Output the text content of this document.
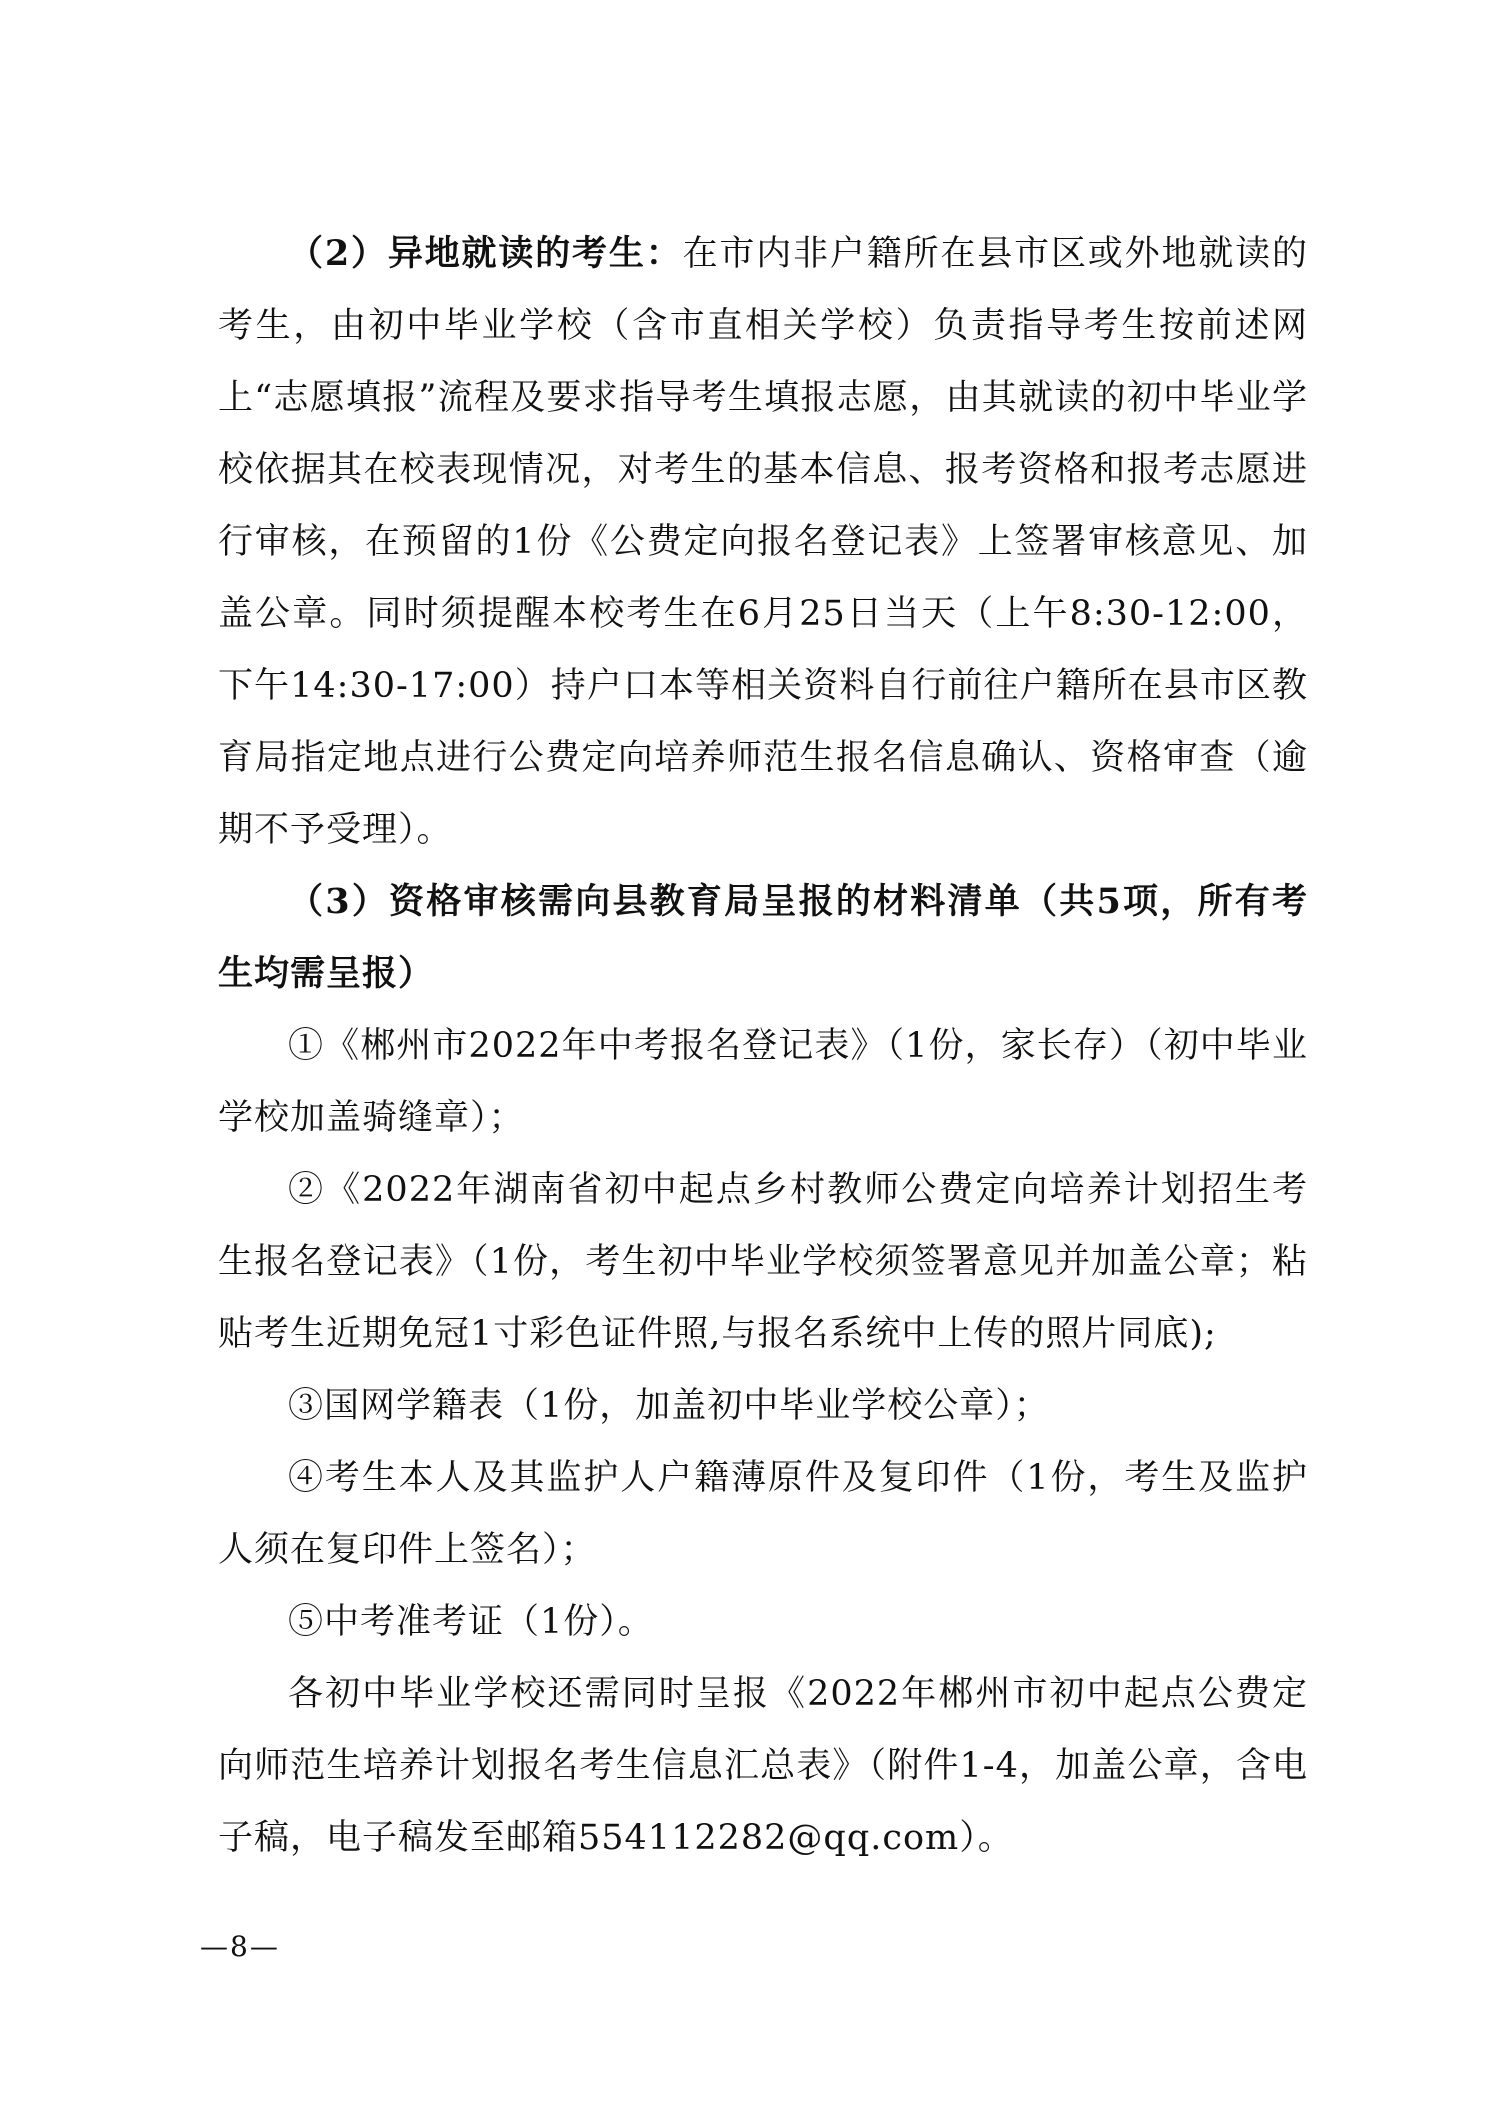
（2）异地就读的考生：在市内非户籍所在县市区或外地就读的考生，由初中毕业学校（含市直相关学校）负责指导考生按前述网上“志愿填报”流程及要求指导考生填报志愿，由其就读的初中毕业学校依据其在校表现情况，对考生的基本信息、报考资格和报考志愿进行审核，在预留的1份《公费定向报名登记表》上签署审核意见、加盖公章。同时须提醒本校考生在6月25日当天（上午8:30-12:00，下午14:30-17:00）持户口本等相关资料自行前往户籍所在县市区教育局指定地点进行公费定向培养师范生报名信息确认、资格审查（逾期不予受理）。

（3）资格审核需向县教育局呈报的材料清单（共5项，所有考生均需呈报）

①《郴州市2022年中考报名登记表》（1份，家长存）（初中毕业学校加盖骑缝章）；

②《2022年湖南省初中起点乡村教师公费定向培养计划招生考生报名登记表》（1份，考生初中毕业学校须签署意见并加盖公章；粘贴考生近期免冠1寸彩色证件照,与报名系统中上传的照片同底);

③国网学籍表（1份，加盖初中毕业学校公章）；

④考生本人及其监护人户籍薄原件及复印件（1份，考生及监护人须在复印件上签名）；

⑤中考准考证（1份）。

各初中毕业学校还需同时呈报《2022年郴州市初中起点公费定向师范生培养计划报名考生信息汇总表》（附件1-4，加盖公章，含电子稿，电子稿发至邮箱554112282@qq.com）。

—8—
